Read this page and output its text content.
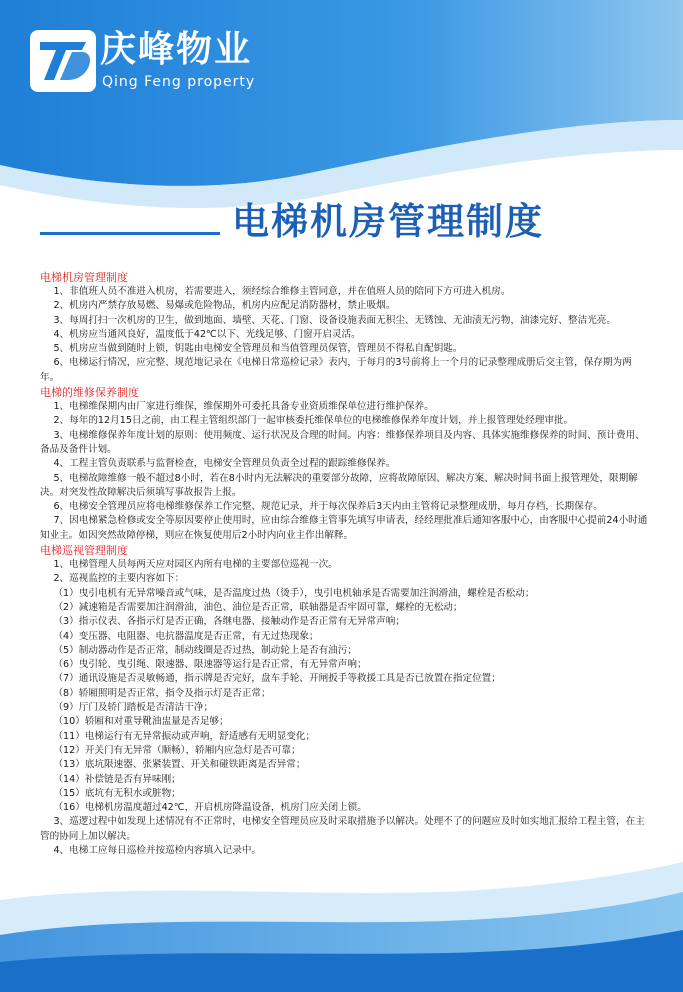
庆峰物业
Qing Feng property
电梯机房管理制度
电梯机房管理制度

1、非值班人员不准进入机房，若需要进入，须经综合维修主管同意，并在值班人员的陪同下方可进入机房。

2、机房内严禁存放易燃、易爆或危险物品，机房内应配足消防器材，禁止吸烟。

3、每周打扫一次机房的卫生，做到地面、墙壁、天花、门窗、设备设施表面无积尘、无锈蚀、无油渍无污物，油漆完好、整洁光亮。

4、机房应当通风良好，温度低于42℃以下、光线足够、门窗开启灵活。

5、机房应当做到随时上锁，钥匙由电梯安全管理员和当值管理员保管，管理员不得私自配钥匙。

6、电梯运行情况，应完整、规范地记录在《电梯日常巡检记录》表内，于每月的3号前将上一个月的记录整理成册后交主管，保存期为两年。

电梯的维修保养制度

1、电梯维保期内由厂家进行维保，维保期外可委托具备专业资质维保单位进行维护保养。

2、每年的12月15日之前，由工程主管组织部门一起审核委托维保单位的电梯维修保养年度计划，并上报管理处经理审批。

3、电梯维修保养年度计划的原则：使用频度、运行状况及合理的时间。内容：维修保养项目及内容、具体实施维修保养的时间、预计费用、备品及备件计划。

4、工程主管负责联系与监督检查，电梯安全管理员负责全过程的跟踪维修保养。

5、电梯故障维修一般不超过8小时，若在8小时内无法解决的重要部分故障，应将故障原因、解决方案、解决时间书面上报管理处，限期解决。对突发性故障解决后须填写事故报告上报。

6、电梯安全管理员应将电梯维修保养工作完整、规范记录，并于每次保养后3天内由主管将记录整理成册，每月存档，长期保存。

7、因电梯紧急检修或安全等原因要停止使用时，应由综合维修主管事先填写申请表，经经理批准后通知客服中心，由客服中心提前24小时通知业主。如因突然故障停梯，则应在恢复使用后2小时内向业主作出解释。

电梯巡视管理制度

1、电梯管理人员每两天应对园区内所有电梯的主要部位巡视一次。

2、巡视监控的主要内容如下：

（1）曳引电机有无异常噪音或气味，是否温度过热（烫手），曳引电机轴承是否需要加注润滑油，螺栓是否松动；

（2）减速箱是否需要加注润滑油，油色、油位是否正常，联轴器是否牢固可靠，螺栓的无松动；

（3）指示仪表、各指示灯是否正确，各继电器、接触动作是否正常有无异常声响；

（4）变压器、电阻器、电抗器温度是否正常，有无过热现象；

（5）制动器动作是否正常，制动线圈是否过热，制动轮上是否有油污；

（6）曳引轮、曳引绳、限速器、限速器等运行是否正常，有无异常声响；

（7）通讯设施是否灵敏畅通，指示牌是否完好，盘车手轮、开闸扳手等救援工具是否已放置在指定位置；

（8）轿厢照明是否正常，指令及指示灯是否正常；

（9）厅门及轿门踏板是否清洁干净；

（10）轿厢和对重导靴油盅量是否足够；

（11）电梯运行有无异常振动或声响，舒适感有无明显变化；

（12）开关门有无异常（顺畅），轿厢内应急灯是否可靠；

（13）底坑限速器、张紧装置、开关和碰铁距离是否异常；

（14）补偿链是否有异味刚；

（15）底坑有无积水或脏物；

（16）电梯机房温度超过42℃，开启机房降温设备，机房门应关闭上锁。

3、巡逻过程中如发现上述情况有不正常时，电梯安全管理员应及时采取措施予以解决。处理不了的问题应及时如实地汇报给工程主管，在主管的协同上加以解决。

4、电梯工应每日巡检并按巡检内容填入记录中。
